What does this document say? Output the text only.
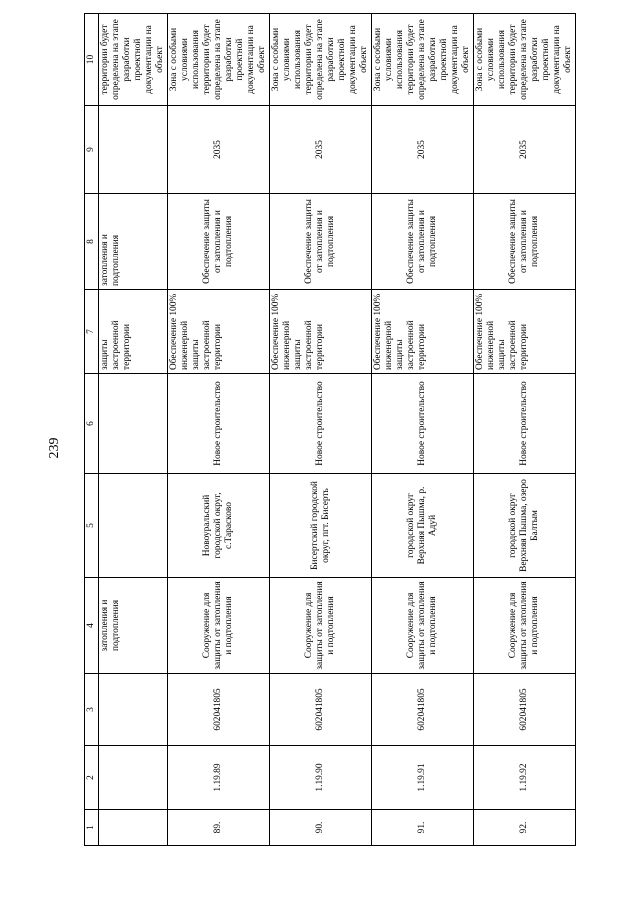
239
1	2	3	4	5	6	7	8	9	10
			затопления и подтопления			защиты застроенной территории	затопления и подтопления		территории будет определена на этапе разработки проектной документации на объект
89.	1.19.89	602041805	Сооружение для защиты от затопления и подтопления	Новоуральский городской округ, с.Тарасково	Новое строительство	Обеспечение 100% инженерной защиты застроенной территории	Обеспечение защиты от затопления и подтопления	2035	Зона с особыми условиями использования территории будет определена на этапе разработки проектной документации на объект
90.	1.19.90	602041805	Сооружение для защиты от затопления и подтопления	Бисертский городской округ, пгт. Бисерть	Новое строительство	Обеспечение 100% инженерной защиты застроенной территории	Обеспечение защиты от затопления и подтопления	2035	Зона с особыми условиями использования территории будет определена на этапе разработки проектной документации на объект
91.	1.19.91	602041805	Сооружение для защиты от затопления и подтопления	городской округ Верхняя Пышма, р. Адуй	Новое строительство	Обеспечение 100% инженерной защиты застроенной территории	Обеспечение защиты от затопления и подтопления	2035	Зона с особыми условиями использования территории будет определена на этапе разработки проектной документации на объект
92.	1.19.92	602041805	Сооружение для защиты от затопления и подтопления	городской округ Верхняя Пышма, озеро Балтым	Новое строительство	Обеспечение 100% инженерной защиты застроенной территории	Обеспечение защиты от затопления и подтопления	2035	Зона с особыми условиями использования территории будет определена на этапе разработки проектной документации на объект
